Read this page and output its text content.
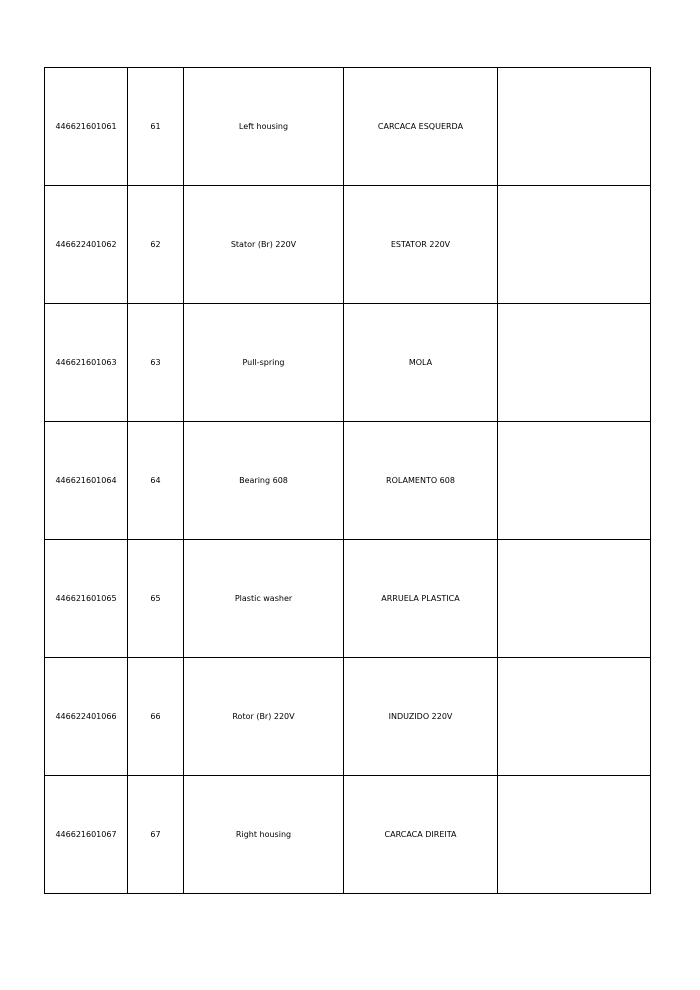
446621601061	61	Left housing	CARCACA ESQUERDA	
446622401062	62	Stator (Br) 220V	ESTATOR 220V	
446621601063	63	Pull-spring	MOLA	
446621601064	64	Bearing 608	ROLAMENTO 608	
446621601065	65	Plastic washer	ARRUELA PLASTICA	
446622401066	66	Rotor (Br) 220V	INDUZIDO 220V	
446621601067	67	Right housing	CARCACA DIREITA	
